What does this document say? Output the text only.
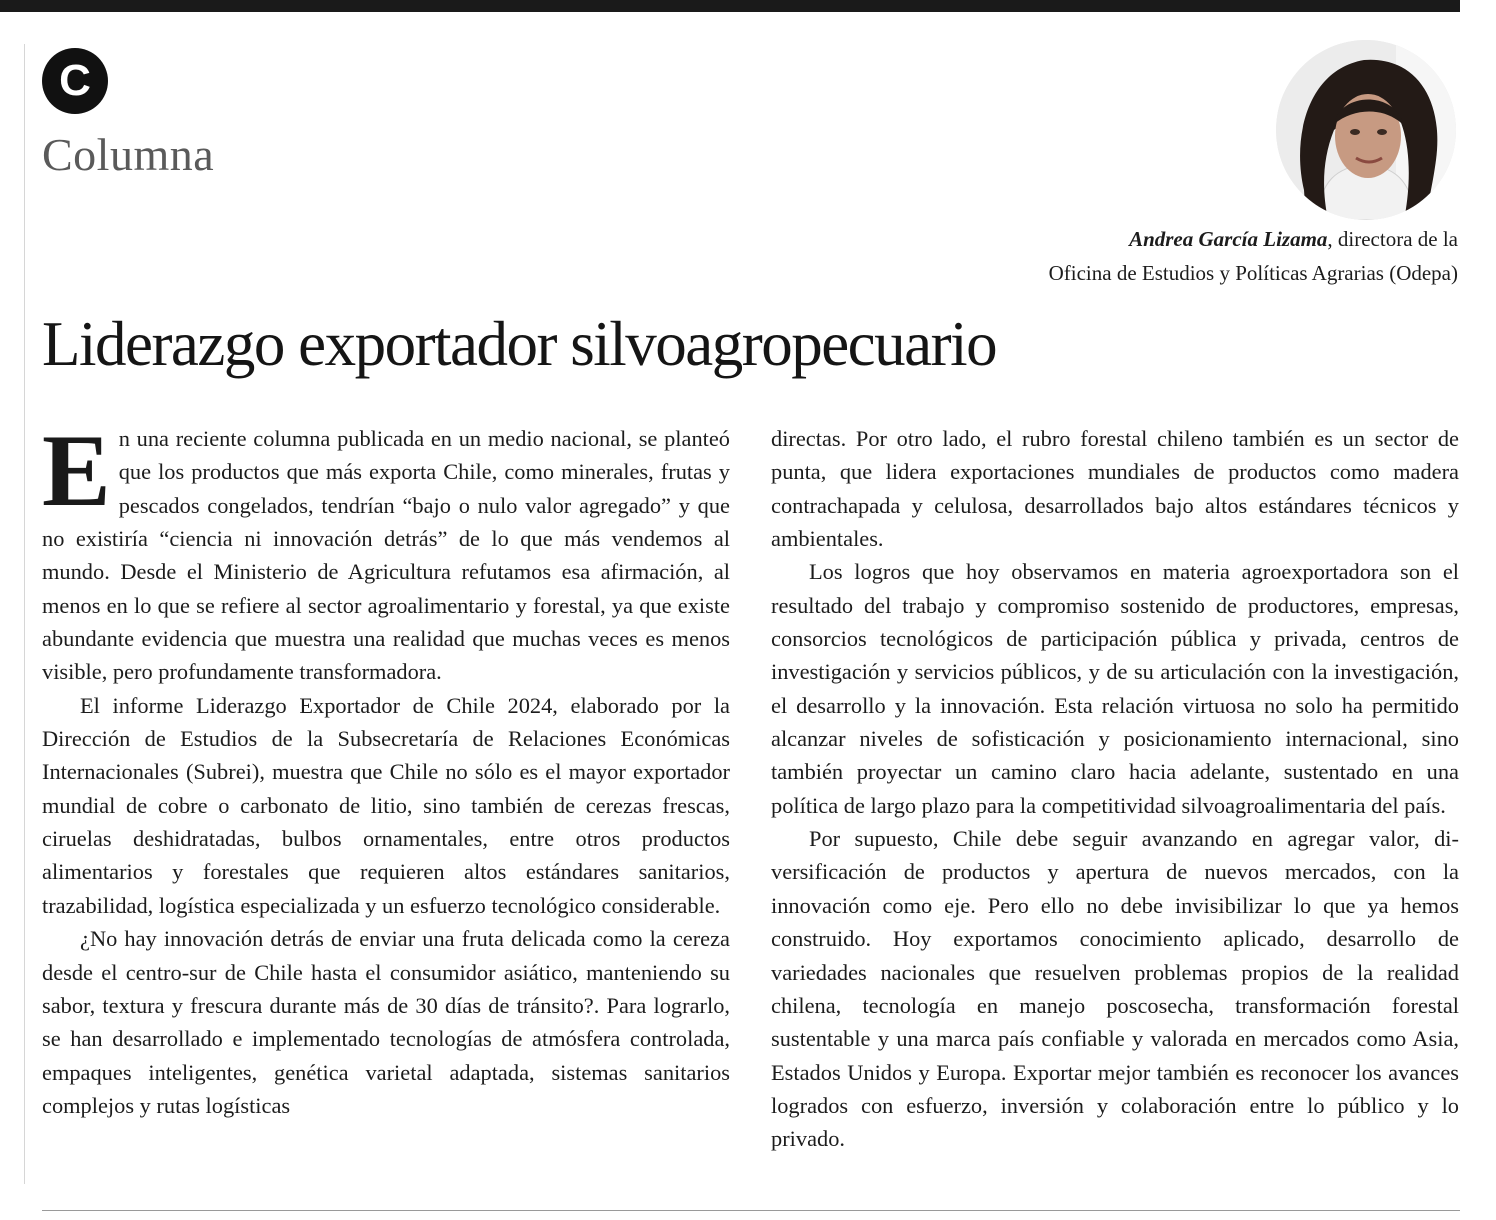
C
Columna
Andrea García Lizama, directora de la
Oficina de Estudios y Políticas Agrarias (Odepa)
Liderazgo exportador silvoagropecuario

En una reciente columna publicada en un medio nacional, se planteó que los productos que más exporta Chile, como minerales, frutas y pescados congelados, tendrían “bajo o nulo valor agregado” y que no existiría “ciencia ni innovación detrás” de lo que más vendemos al mundo. Desde el Ministerio de Agricultura refutamos esa afirmación, al menos en lo que se refiere al sector agroalimentario y forestal, ya que existe abundante evidencia que muestra una realidad que muchas veces es menos visible, pero profundamente transformadora.

El informe Liderazgo Exportador de Chile 2024, elaborado por la Dirección de Estudios de la Subsecretaría de Relaciones Económicas Internacionales (Subrei), muestra que Chile no sólo es el mayor exportador mundial de cobre o carbonato de litio, sino también de cerezas frescas, ciruelas deshidratadas, bulbos ornamentales, entre otros productos alimentarios y forestales que requieren altos estándares sanitarios, trazabilidad, logística especializada y un esfuerzo tecnológico considerable.

¿No hay innovación detrás de enviar una fruta delicada como la cereza desde el centro-sur de Chile hasta el consumidor asiático, manteniendo su sabor, textura y frescura durante más de 30 días de tránsito?. Para lograrlo, se han desarrollado e implementado tecnologías de atmósfera controlada, empaques inteligentes, genética varietal adaptada, sistemas sanitarios complejos y rutas logísticas

directas. Por otro lado, el rubro forestal chileno también es un sector de punta, que lidera exportaciones mundiales de productos como madera contrachapada y celulosa, desarrollados bajo altos estándares técnicos y ambientales.

Los logros que hoy observamos en materia agroexportadora son el resultado del trabajo y compromiso sostenido de productores, empresas, consorcios tecnológicos de participación pública y privada, centros de investigación y servicios públicos, y de su articulación con la investigación, el desarrollo y la innovación. Esta relación virtuosa no solo ha permitido alcanzar niveles de sofisticación y posicionamiento internacional, sino también proyectar un camino claro hacia adelante, sustentado en una política de largo plazo para la competitividad silvoagroalimentaria del país.

Por supuesto, Chile debe seguir avanzando en agregar valor, diversificación de productos y apertura de nuevos mercados, con la innovación como eje. Pero ello no debe invisibilizar lo que ya hemos construido. Hoy exportamos conocimiento aplicado, desarrollo de variedades nacionales que resuelven problemas propios de la realidad chilena, tecnología en manejo poscosecha, transformación forestal sustentable y una marca país confiable y valorada en mercados como Asia, Estados Unidos y Europa. Exportar mejor también es reconocer los avances logrados con esfuerzo, inversión y colaboración entre lo público y lo privado.
